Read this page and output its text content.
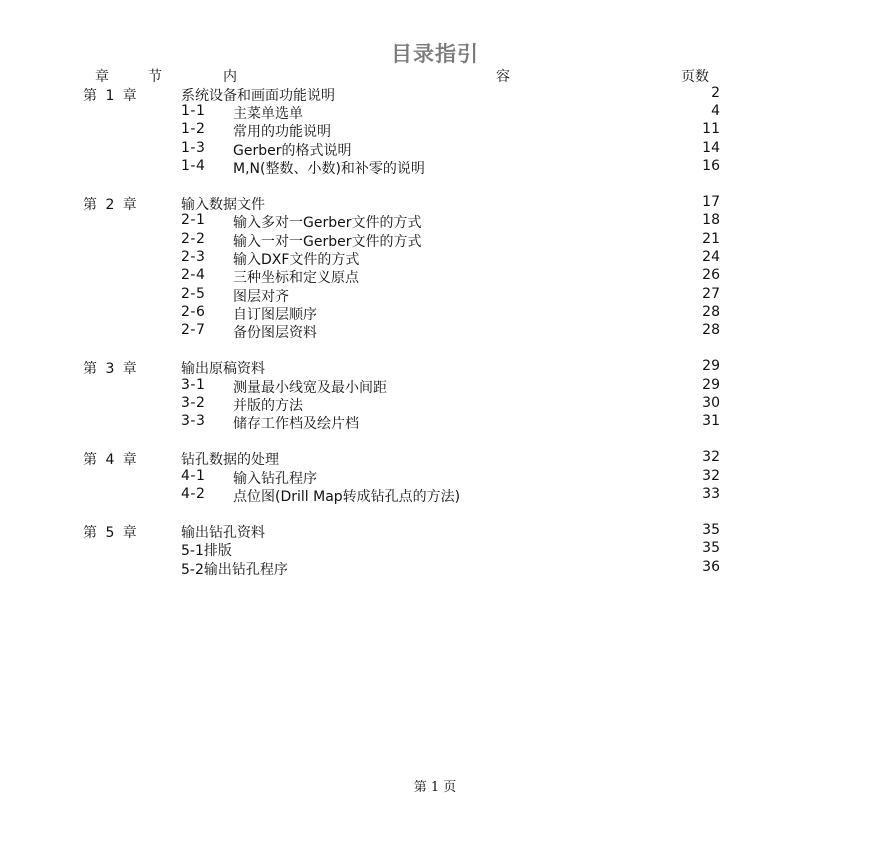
目录指引
章	节	内	容	页数
第 1 章	系统设备和画面功能说明	2
1-1 主菜单选单	4
1-2 常用的功能说明	11
1-3 Gerber的格式说明	14
1-4 M,N(整数、小数)和补零的说明	16
第 2 章	输入数据文件	17
2-1 输入多对一Gerber文件的方式	18
2-2 输入一对一Gerber文件的方式	21
2-3 输入DXF文件的方式	24
2-4 三种坐标和定义原点	26
2-5 图层对齐	27
2-6 自订图层顺序	28
2-7 备份图层资料	28
第 3 章	输出原稿资料	29
3-1 测量最小线宽及最小间距	29
3-2 并版的方法	30
3-3 储存工作档及绘片档	31
第 4 章	钻孔数据的处理	32
4-1 输入钻孔程序	32
4-2 点位图(Drill Map转成钻孔点的方法)	33
第 5 章	输出钻孔资料	35
5-1排版	35
5-2输出钻孔程序	36
第 1 页
